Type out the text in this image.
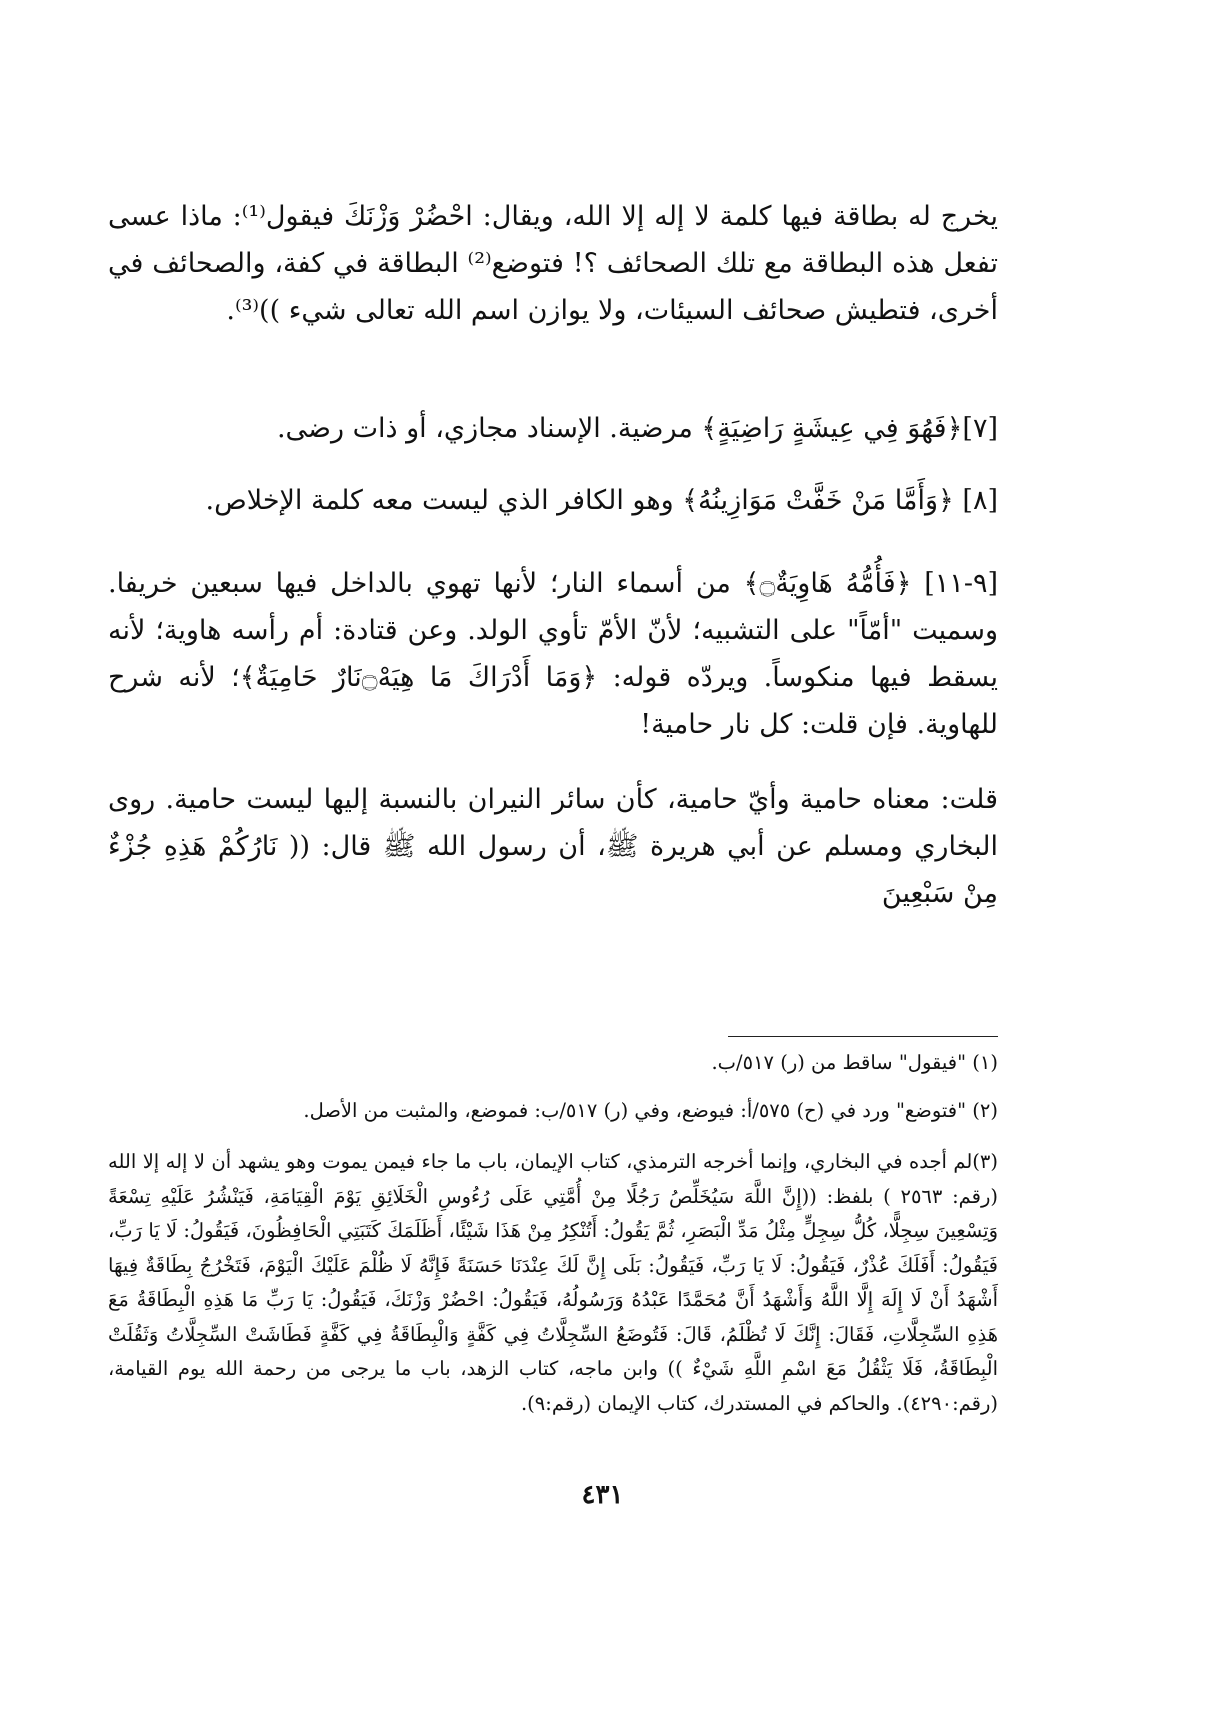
يخرج له بطاقة فيها كلمة لا إله إلا الله، ويقال: احْضُرْ وَزْنَكَ فيقول⁽¹⁾: ماذا عسى تفعل هذه البطاقة مع تلك الصحائف ؟! فتوضع⁽²⁾ البطاقة في كفة، والصحائف في أخرى، فتطيش صحائف السيئات، ولا يوازن اسم الله تعالى شيء ))⁽³⁾.

[٧]﴿فَهُوَ فِي عِيشَةٍ رَاضِيَةٍ﴾ مرضية. الإسناد مجازي، أو ذات رضى.

[٨] ﴿وَأَمَّا مَنْ خَفَّتْ مَوَازِينُهُ﴾ وهو الكافر الذي ليست معه كلمة الإخلاص.

[٩-١١] ﴿فَأُمُّهُ هَاوِيَةٌ۝﴾ من أسماء النار؛ لأنها تهوي بالداخل فيها سبعين خريفا. وسميت "أمّاً" على التشبيه؛ لأنّ الأمّ تأوي الولد. وعن قتادة: أم رأسه هاوية؛ لأنه يسقط فيها منكوساً. ويردّه قوله: ﴿وَمَا أَدْرَاكَ مَا هِيَهْ۝نَارٌ حَامِيَةٌ﴾؛ لأنه شرح للهاوية. فإن قلت: كل نار حامية!

قلت: معناه حامية وأيّ حامية، كأن سائر النيران بالنسبة إليها ليست حامية. روى البخاري ومسلم عن أبي هريرة ﷺ، أن رسول الله ﷺ قال: (( نَارُكُمْ هَذِهِ جُزْءٌ مِنْ سَبْعِينَ

(١) "فيقول" ساقط من (ر) ٥١٧/ب.

(٢) "فتوضع" ورد في (ح) ٥٧٥/أ: فيوضع، وفي (ر) ٥١٧/ب: فموضع، والمثبت من الأصل.

(٣)لم أجده في البخاري، وإنما أخرجه الترمذي، كتاب الإيمان، باب ما جاء فيمن يموت وهو يشهد أن لا إله إلا الله (رقم: ٢٥٦٣ ) بلفظ: ((إِنَّ اللَّهَ سَيُخَلِّصُ رَجُلًا مِنْ أُمَّتِي عَلَى رُءُوسِ الْخَلَائِقِ يَوْمَ الْقِيَامَةِ، فَيَنْشُرُ عَلَيْهِ تِسْعَةً وَتِسْعِينَ سِجِلًّا، كُلُّ سِجِلٍّ مِثْلُ مَدِّ الْبَصَرِ، ثُمَّ يَقُولُ: أَتُنْكِرُ مِنْ هَذَا شَيْئًا، أَظَلَمَكَ كَتَبَتِي الْحَافِظُونَ، فَيَقُولُ: لَا يَا رَبِّ، فَيَقُولُ: أَفَلَكَ عُذْرٌ، فَيَقُولُ: لَا يَا رَبِّ، فَيَقُولُ: بَلَى إِنَّ لَكَ عِنْدَنَا حَسَنَةً فَإِنَّهُ لَا ظُلْمَ عَلَيْكَ الْيَوْمَ، فَتَخْرُجُ بِطَاقَةٌ فِيهَا أَشْهَدُ أَنْ لَا إِلَهَ إِلَّا اللَّهُ وَأَشْهَدُ أَنَّ مُحَمَّدًا عَبْدُهُ وَرَسُولُهُ، فَيَقُولُ: احْضُرْ وَزْنَكَ، فَيَقُولُ: يَا رَبِّ مَا هَذِهِ الْبِطَاقَةُ مَعَ هَذِهِ السِّجِلَّاتِ، فَقَالَ: إِنَّكَ لَا تُظْلَمُ، قَالَ: فَتُوضَعُ السِّجِلَّاتُ فِي كَفَّةٍ وَالْبِطَاقَةُ فِي كَفَّةٍ فَطَاشَتْ السِّجِلَّاتُ وَثَقُلَتْ الْبِطَاقَةُ، فَلَا يَثْقُلُ مَعَ اسْمِ اللَّهِ شَيْءٌ )) وابن ماجه، كتاب الزهد، باب ما يرجى من رحمة الله يوم القيامة، (رقم:٤٢٩٠). والحاكم في المستدرك، كتاب الإيمان (رقم:٩).

٤٣١
